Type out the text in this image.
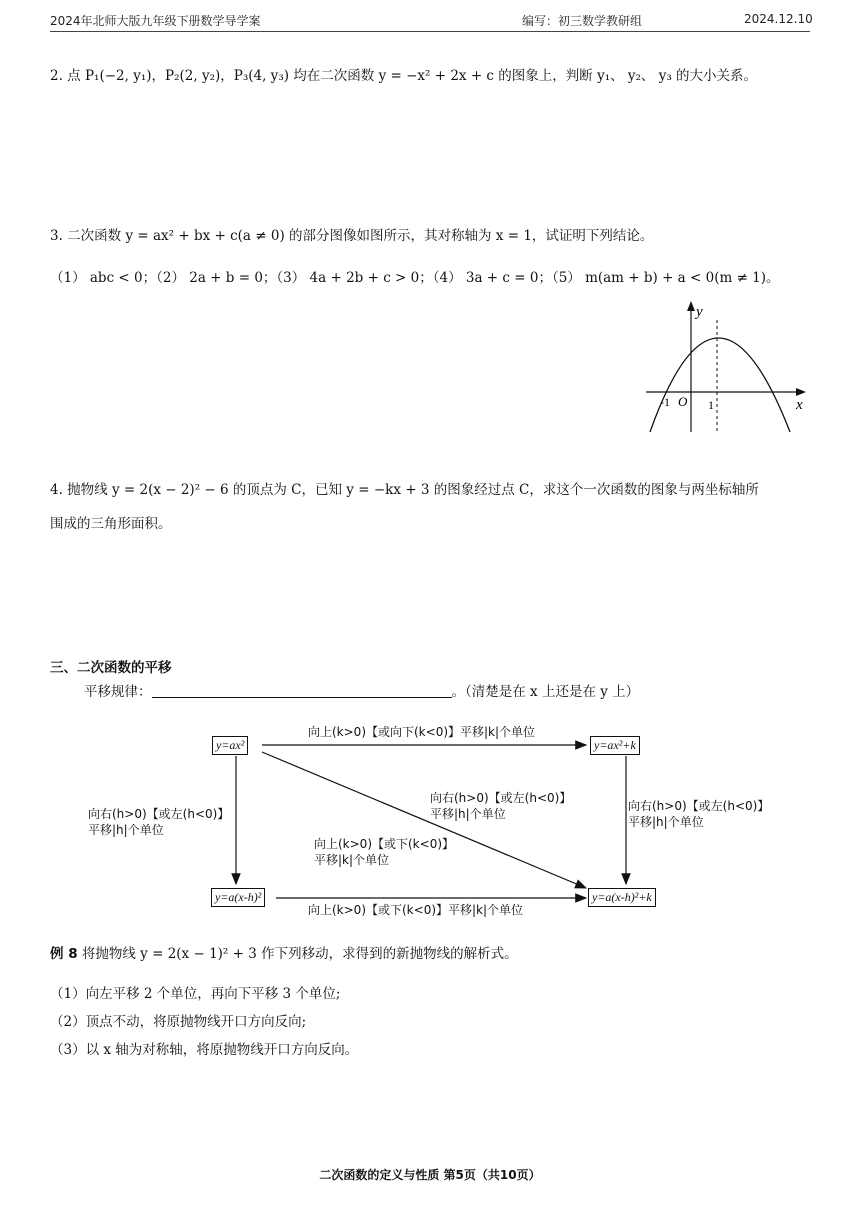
2024年北师大版九年级下册数学导学案	编写：初三数学教研组	2024.12.10
2. 点 P₁(−2, y₁)，P₂(2, y₂)，P₃(4, y₃) 均在二次函数 y = −x² + 2x + c 的图象上，判断 y₁、 y₂、 y₃ 的大小关系。
3. 二次函数 y = ax² + bx + c(a ≠ 0) 的部分图像如图所示，其对称轴为 x = 1，试证明下列结论。
（1） abc < 0；（2） 2a + b = 0；（3） 4a + 2b + c > 0；（4） 3a + c = 0；（5） m(am + b) + a < 0(m ≠ 1)。
y
x
O
-1	1
4. 抛物线 y = 2(x − 2)² − 6 的顶点为 C，已知 y = −kx + 3 的图象经过点 C，求这个一次函数的图象与两坐标轴所
围成的三角形面积。
三、二次函数的平移
平移规律：	。（清楚是在 x 上还是在 y 上）
y=ax²	y=ax²+k
y=a(x-h)²	y=a(x-h)²+k
向上(k>0)【或向下(k<0)】平移|k|个单位
向上(k>0)【或下(k<0)】平移|k|个单位
向右(h>0)【或左(h<0)】
平移|h|个单位
向右(h>0)【或左(h<0)】
平移|h|个单位
向右(h>0)【或左(h<0)】
平移|h|个单位
向上(k>0)【或下(k<0)】
平移|k|个单位
例 8 将抛物线 y = 2(x − 1)² + 3 作下列移动，求得到的新抛物线的解析式。
（1）向左平移 2 个单位，再向下平移 3 个单位;
（2）顶点不动，将原抛物线开口方向反向;
（3）以 x 轴为对称轴，将原抛物线开口方向反向。
二次函数的定义与性质 第5页（共10页）
